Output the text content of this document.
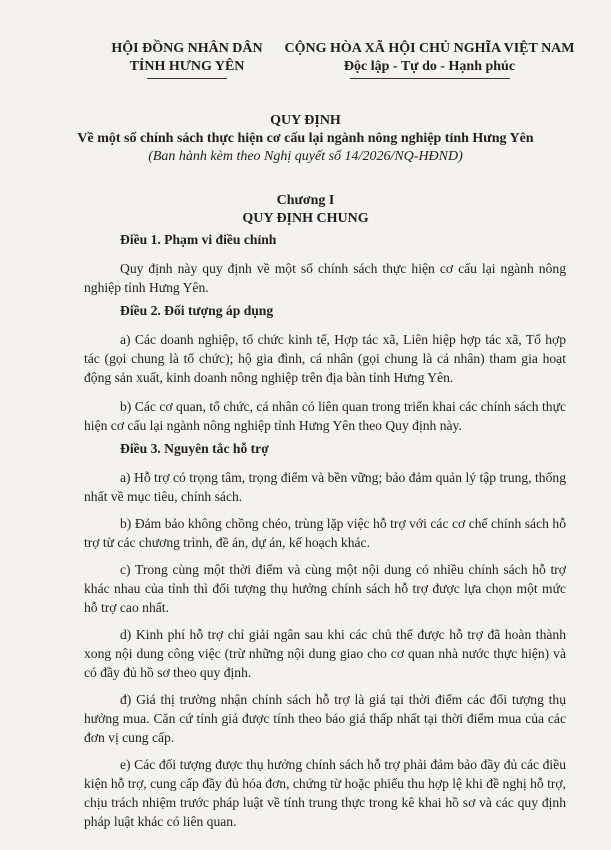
HỘI ĐỒNG NHÂN DÂN
TỈNH HƯNG YÊN
CỘNG HÒA XÃ HỘI CHỦ NGHĨA VIỆT NAM
Độc lập - Tự do - Hạnh phúc
QUY ĐỊNH
Về một số chính sách thực hiện cơ cấu lại ngành nông nghiệp tỉnh Hưng Yên
(Ban hành kèm theo Nghị quyết số 14/2026/NQ-HĐND)
Chương I
QUY ĐỊNH CHUNG

Điều 1. Phạm vi điều chỉnh

Quy định này quy định về một số chính sách thực hiện cơ cấu lại ngành nông nghiệp tỉnh Hưng Yên.

Điều 2. Đối tượng áp dụng

a) Các doanh nghiệp, tổ chức kinh tế, Hợp tác xã, Liên hiệp hợp tác xã, Tổ hợp tác (gọi chung là tổ chức); hộ gia đình, cá nhân (gọi chung là cá nhân) tham gia hoạt động sản xuất, kinh doanh nông nghiệp trên địa bàn tỉnh Hưng Yên.

b) Các cơ quan, tổ chức, cá nhân có liên quan trong triển khai các chính sách thực hiện cơ cấu lại ngành nông nghiệp tỉnh Hưng Yên theo Quy định này.

Điều 3. Nguyên tắc hỗ trợ

a) Hỗ trợ có trọng tâm, trọng điểm và bền vững; bảo đảm quản lý tập trung, thống nhất về mục tiêu, chính sách.

b) Đảm bảo không chồng chéo, trùng lặp việc hỗ trợ với các cơ chế chính sách hỗ trợ từ các chương trình, đề án, dự án, kế hoạch khác.

c) Trong cùng một thời điểm và cùng một nội dung có nhiều chính sách hỗ trợ khác nhau của tỉnh thì đối tượng thụ hưởng chính sách hỗ trợ được lựa chọn một mức hỗ trợ cao nhất.

d) Kinh phí hỗ trợ chỉ giải ngân sau khi các chủ thể được hỗ trợ đã hoàn thành xong nội dung công việc (trừ những nội dung giao cho cơ quan nhà nước thực hiện) và có đầy đủ hồ sơ theo quy định.

đ) Giá thị trường nhận chính sách hỗ trợ là giá tại thời điểm các đối tượng thụ hưởng mua. Căn cứ tính giá được tính theo báo giá thấp nhất tại thời điểm mua của các đơn vị cung cấp.

e) Các đối tượng được thụ hưởng chính sách hỗ trợ phải đảm bảo đầy đủ các điều kiện hỗ trợ, cung cấp đầy đủ hóa đơn, chứng từ hoặc phiếu thu hợp lệ khi đề nghị hỗ trợ, chịu trách nhiệm trước pháp luật về tính trung thực trong kê khai hồ sơ và các quy định pháp luật khác có liên quan.
